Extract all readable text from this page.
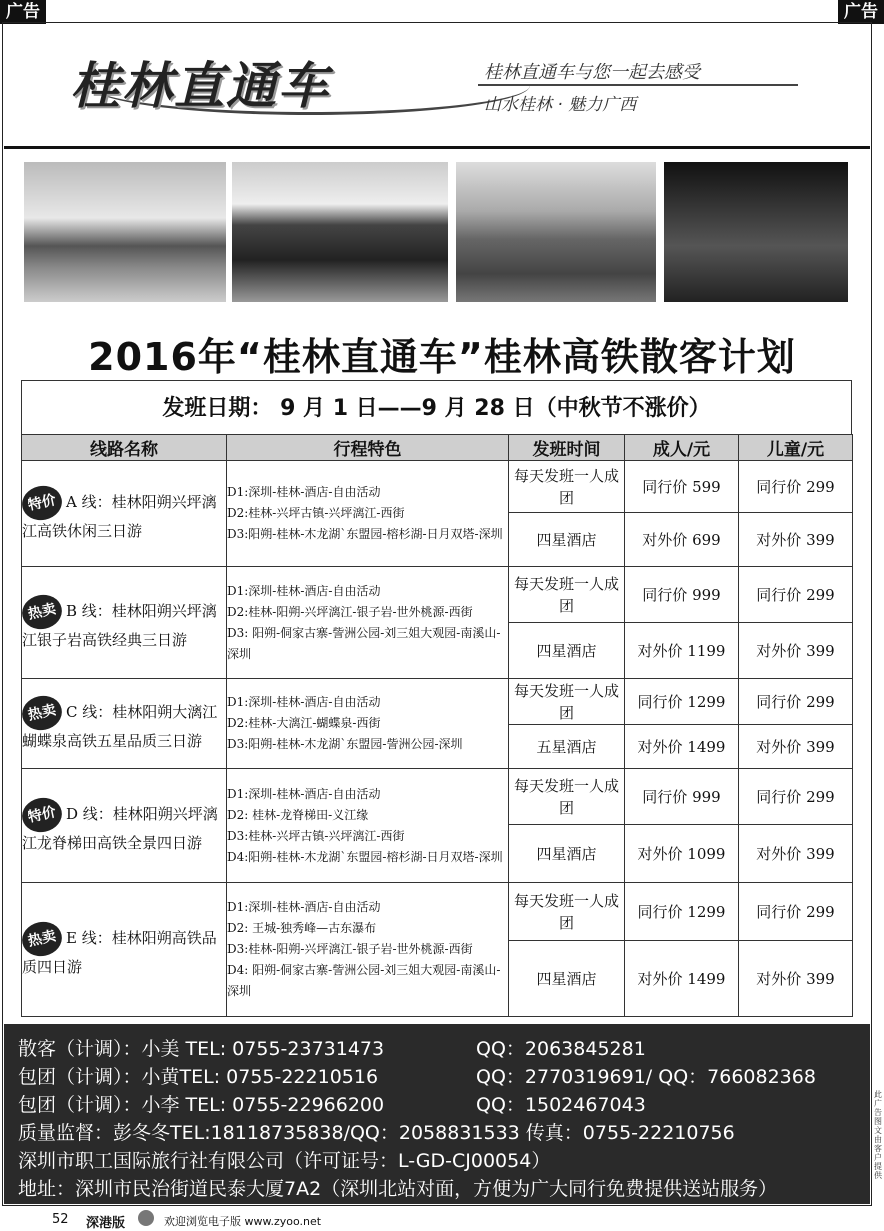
广告	广告
桂林直通车	桂林直通车与您一起去感受
山水桂林 · 魅力广西
2016年“桂林直通车”桂林高铁散客计划
发班日期： 9 月 1 日——9 月 28 日（中秋节不涨价）
线路名称	行程特色	发班时间	成人/元	儿童/元
特价 A 线：桂林阳朔兴坪漓江高铁休闲三日游	D1:深圳-桂林-酒店-自由活动
D2:桂林-兴坪古镇-兴坪漓江-西街
D3:阳朔-桂林-木龙湖`东盟园-榕杉湖-日月双塔-深圳	每天发班一人成团	同行价 599	同行价 299
		四星酒店	对外价 699	对外价 399
热卖 B 线：桂林阳朔兴坪漓江银子岩高铁经典三日游	D1:深圳-桂林-酒店-自由活动
D2:桂林-阳朔-兴坪漓江-银子岩-世外桃源-西街
D3: 阳朔-侗家古寨-訾洲公园-刘三姐大观园-南溪山-深圳	每天发班一人成团	同行价 999	同行价 299
		四星酒店	对外价 1199	对外价 399
热卖 C 线：桂林阳朔大漓江蝴蝶泉高铁五星品质三日游	D1:深圳-桂林-酒店-自由活动
D2:桂林-大漓江-蝴蝶泉-西街
D3:阳朔-桂林-木龙湖`东盟园-訾洲公园-深圳	每天发班一人成团	同行价 1299	同行价 299
		五星酒店	对外价 1499	对外价 399
特价 D 线：桂林阳朔兴坪漓江龙脊梯田高铁全景四日游	D1:深圳-桂林-酒店-自由活动
D2: 桂林-龙脊梯田-义江缘
D3:桂林-兴坪古镇-兴坪漓江-西街
D4:阳朔-桂林-木龙湖`东盟园-榕杉湖-日月双塔-深圳	每天发班一人成团	同行价 999	同行价 299
		四星酒店	对外价 1099	对外价 399
热卖 E 线：桂林阳朔高铁品质四日游	D1:深圳-桂林-酒店-自由活动
D2: 王城-独秀峰—古东瀑布
D3:桂林-阳朔-兴坪漓江-银子岩-世外桃源-西街
D4: 阳朔-侗家古寨-訾洲公园-刘三姐大观园-南溪山-深圳	每天发班一人成团	同行价 1299	同行价 299
		四星酒店	对外价 1499	对外价 399
散客（计调）：小美 TEL: 0755-23731473	QQ：2063845281
包团（计调）：小黄TEL: 0755-22210516	QQ：2770319691/ QQ：766082368
包团（计调）：小李 TEL: 0755-22966200	QQ：1502467043
质量监督：彭冬冬TEL:18118735838/QQ：2058831533 传真：0755-22210756
深圳市职工国际旅行社有限公司（许可证号：L-GD-CJ00054）
地址：深圳市民治街道民泰大厦7A2（深圳北站对面，方便为广大同行免费提供送站服务）
52 深港版	欢迎浏览电子版 www.zyoo.net
此广告图文由客户提供
